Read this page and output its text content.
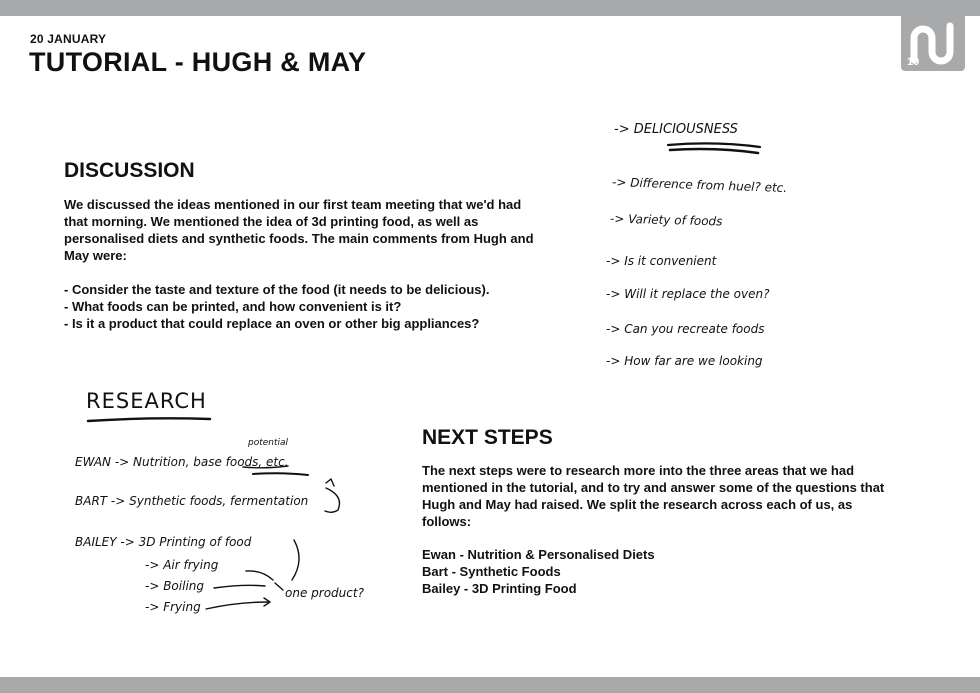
20 JANUARY
TUTORIAL - HUGH & MAY	10
DISCUSSION
We discussed the ideas mentioned in our first team meeting that we'd had that morning. We mentioned the idea of 3d printing food, as well as personalised diets and synthetic foods. The main comments from Hugh and May were:
- Consider the taste and texture of the food (it needs to be delicious).
- What foods can be printed, and how convenient is it?
- Is it a product that could replace an oven or other big appliances?
NEXT STEPS
The next steps were to research more into the three areas that we had mentioned in the tutorial, and to try and answer some of the questions that Hugh and May had raised. We split the research across each of us, as follows:
Ewan - Nutrition & Personalised Diets
Bart - Synthetic Foods
Bailey - 3D Printing Food
-> DELICIOUSNESS
-> Difference from huel? etc.
-> Variety of foods
-> Is it convenient
-> Will it replace the oven?
-> Can you recreate foods
-> How far are we looking
RESEARCH
potential
EWAN -> Nutrition, base foods, etc.
BART -> Synthetic foods, fermentation
BAILEY -> 3D Printing of food
-> Air frying
-> Boiling
-> Frying
one product?
